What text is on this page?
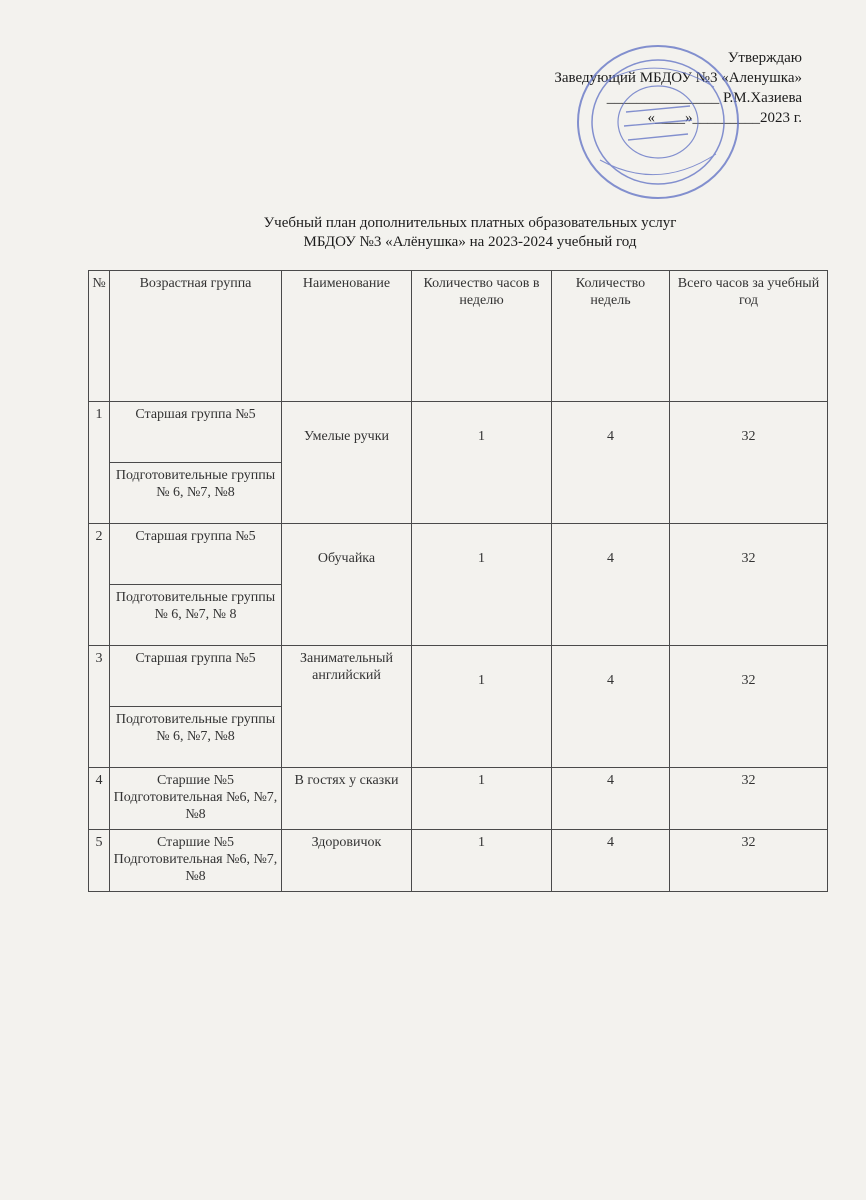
Утверждаю
Заведующий МБДОУ №3 «Аленушка»
_______________ Р.М.Хазиева
«____»_________2023 г.
Учебный план дополнительных платных образовательных услуг
МБДОУ №3 «Алёнушка» на 2023-2024 учебный год
№	Возрастная группа	Наименование	Количество часов в неделю	Количество недель	Всего часов за учебный год
1	Старшая группа №5	Умелые ручки	1	4	32
	Подготовительные группы № 6, №7, №8				
2	Старшая группа №5	Обучайка	1	4	32
	Подготовительные группы № 6, №7, № 8				
3	Старшая группа №5	Занимательный английский	1	4	32
	Подготовительные группы № 6, №7, №8				
4	Старшие №5 Подготовительная №6, №7, №8	В гостях у сказки	1	4	32
5	Старшие №5 Подготовительная №6, №7, №8	Здоровичок	1	4	32
